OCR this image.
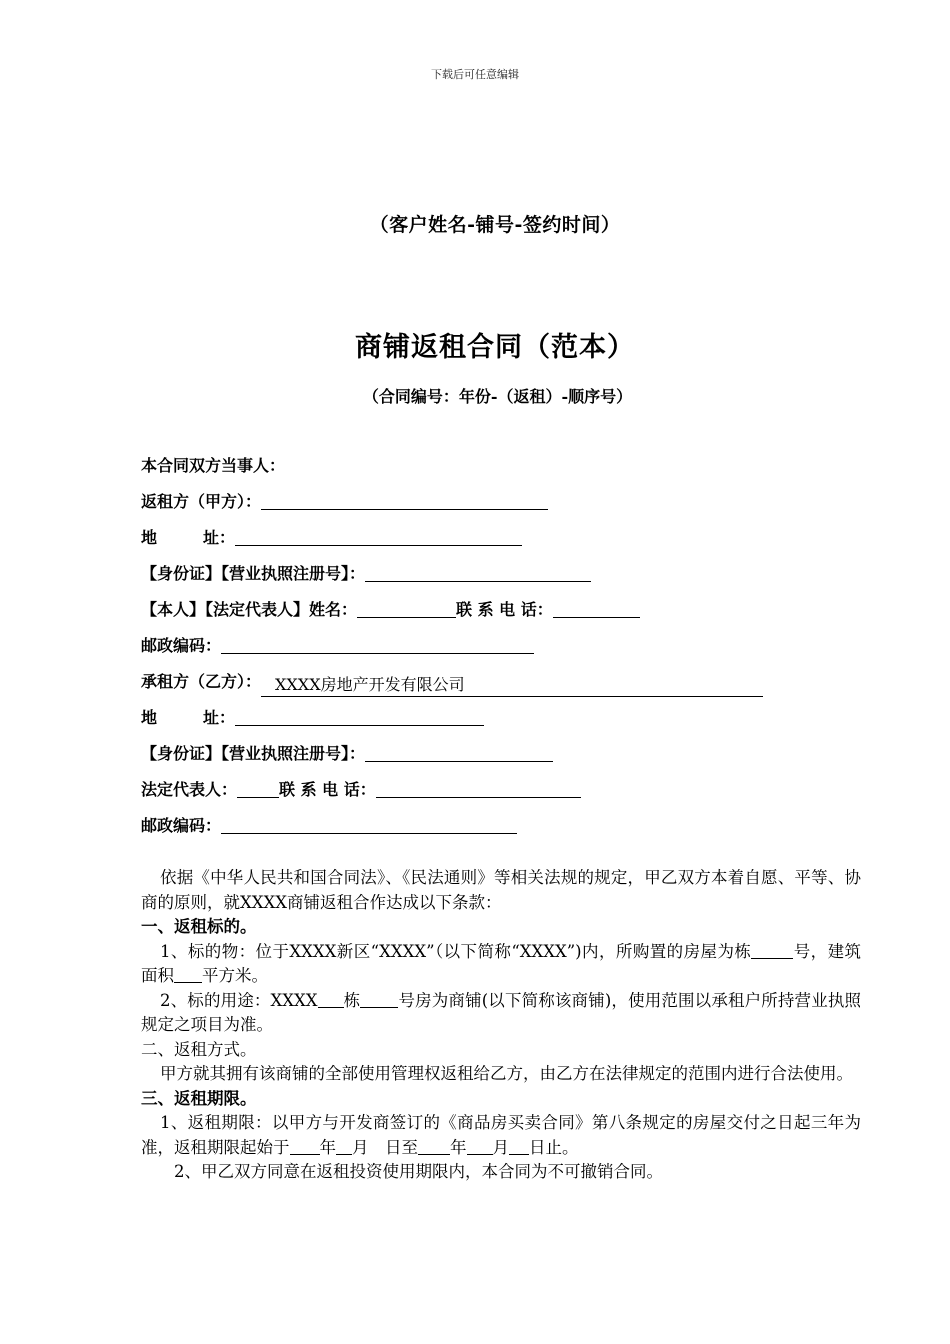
下载后可任意编辑
（客户姓名-铺号-签约时间）
商铺返租合同（范本）
（合同编号：年份-（返租）-顺序号）
本合同双方当事人：
返租方（甲方）：
地	址：
【身份证】【营业执照注册号】：
【本人】【法定代表人】姓名：	联 系 电 话：
邮政编码：
承租方（乙方）： XXXX房地产开发有限公司
地	址：
【身份证】【营业执照注册号】：
法定代表人：	联 系 电 话：
邮政编码：

依据《中华人民共和国合同法》、《民法通则》等相关法规的规定，甲乙双方本着自愿、平等、协商的原则，就XXXX商铺返租合作达成以下条款：

一、返租标的。

1、标的物：位于XXXX新区“XXXX”（以下简称“XXXX”)内，所购置的房屋为栋	号，建筑面积 平方米。

2、标的用途：XXXX 栋 号房为商铺(以下简称该商铺)，使用范围以承租户所持营业执照规定之项目为准。

二、返租方式。

甲方就其拥有该商铺的全部使用管理权返租给乙方，由乙方在法律规定的范围内进行合法使用。

三、返租期限。

1、返租期限：以甲方与开发商签订的《商品房买卖合同》第八条规定的房屋交付之日起三年为准，返租期限起始于 年 月　日至 年 月 日止。

2、甲乙双方同意在返租投资使用期限内，本合同为不可撤销合同。
